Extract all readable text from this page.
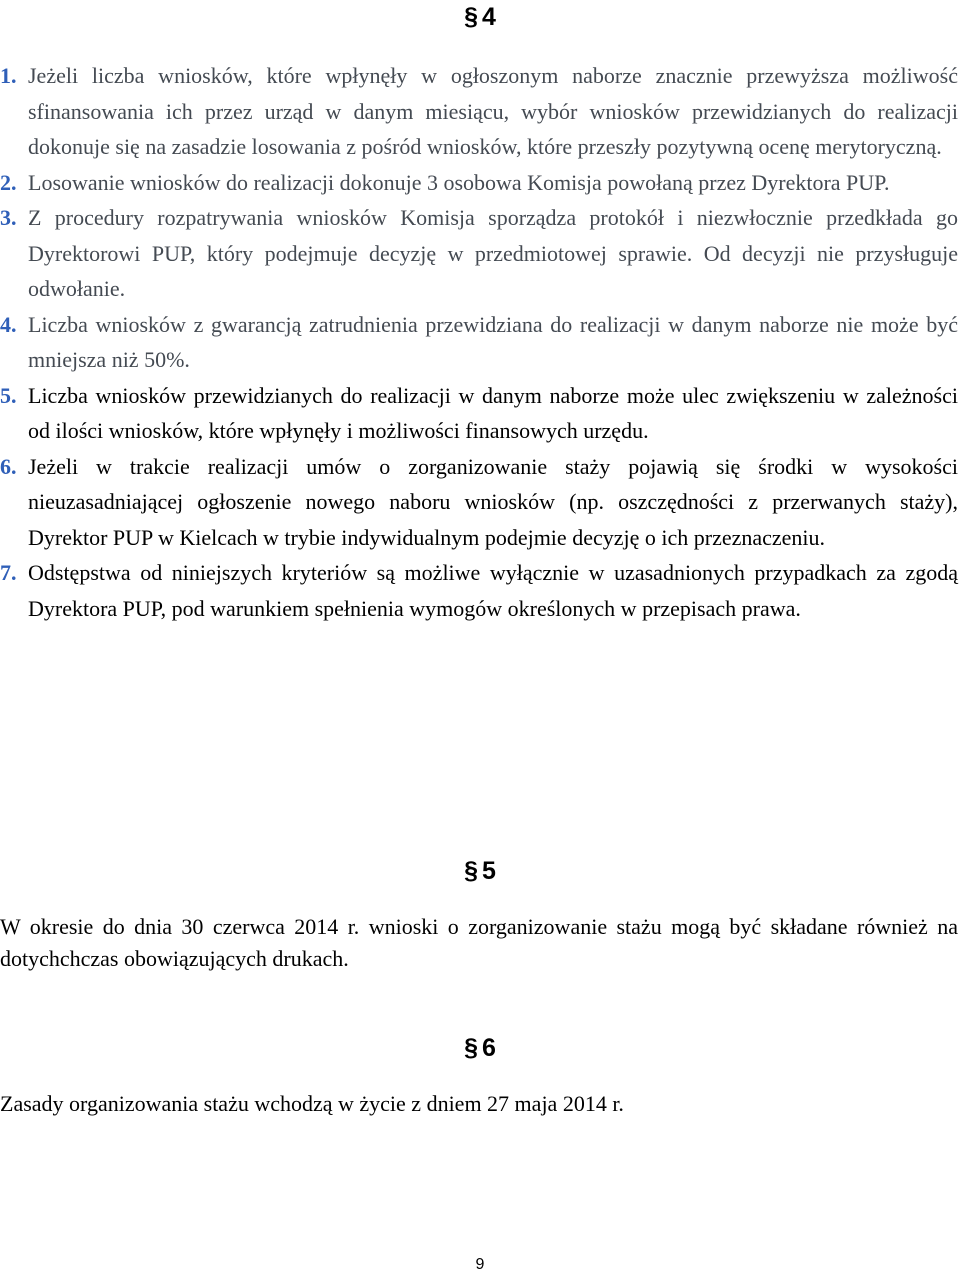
§ 4
1. Jeżeli liczba wniosków, które wpłynęły w ogłoszonym naborze znacznie przewyższa możliwość sfinansowania ich przez urząd w danym miesiącu, wybór wniosków przewidzianych do realizacji dokonuje się na zasadzie losowania z pośród wniosków, które przeszły pozytywną ocenę merytoryczną.
2. Losowanie wniosków do realizacji dokonuje 3 osobowa Komisja powołaną przez Dyrektora PUP.
3. Z procedury rozpatrywania wniosków Komisja sporządza protokół i niezwłocznie przedkłada go Dyrektorowi PUP, który podejmuje decyzję w przedmiotowej sprawie. Od decyzji nie przysługuje odwołanie.
4. Liczba wniosków z gwarancją zatrudnienia przewidziana do realizacji w danym naborze nie może być mniejsza niż 50%.
5. Liczba wniosków przewidzianych do realizacji w danym naborze może ulec zwiększeniu w zależności od ilości wniosków, które wpłynęły i możliwości finansowych urzędu.
6. Jeżeli w trakcie realizacji umów o zorganizowanie staży pojawią się środki w wysokości nieuzasadniającej ogłoszenie nowego naboru wniosków (np. oszczędności z przerwanych staży), Dyrektor PUP w Kielcach w trybie indywidualnym podejmie decyzję o ich przeznaczeniu.
7. Odstępstwa od niniejszych kryteriów są możliwe wyłącznie w uzasadnionych przypadkach za zgodą Dyrektora PUP, pod warunkiem spełnienia wymogów określonych w przepisach prawa.
§ 5
W okresie do dnia 30 czerwca 2014 r. wnioski o zorganizowanie stażu mogą być składane również na dotychchczas obowiązujących drukach.
§ 6
Zasady organizowania stażu wchodzą w życie z dniem 27 maja 2014 r.
9
